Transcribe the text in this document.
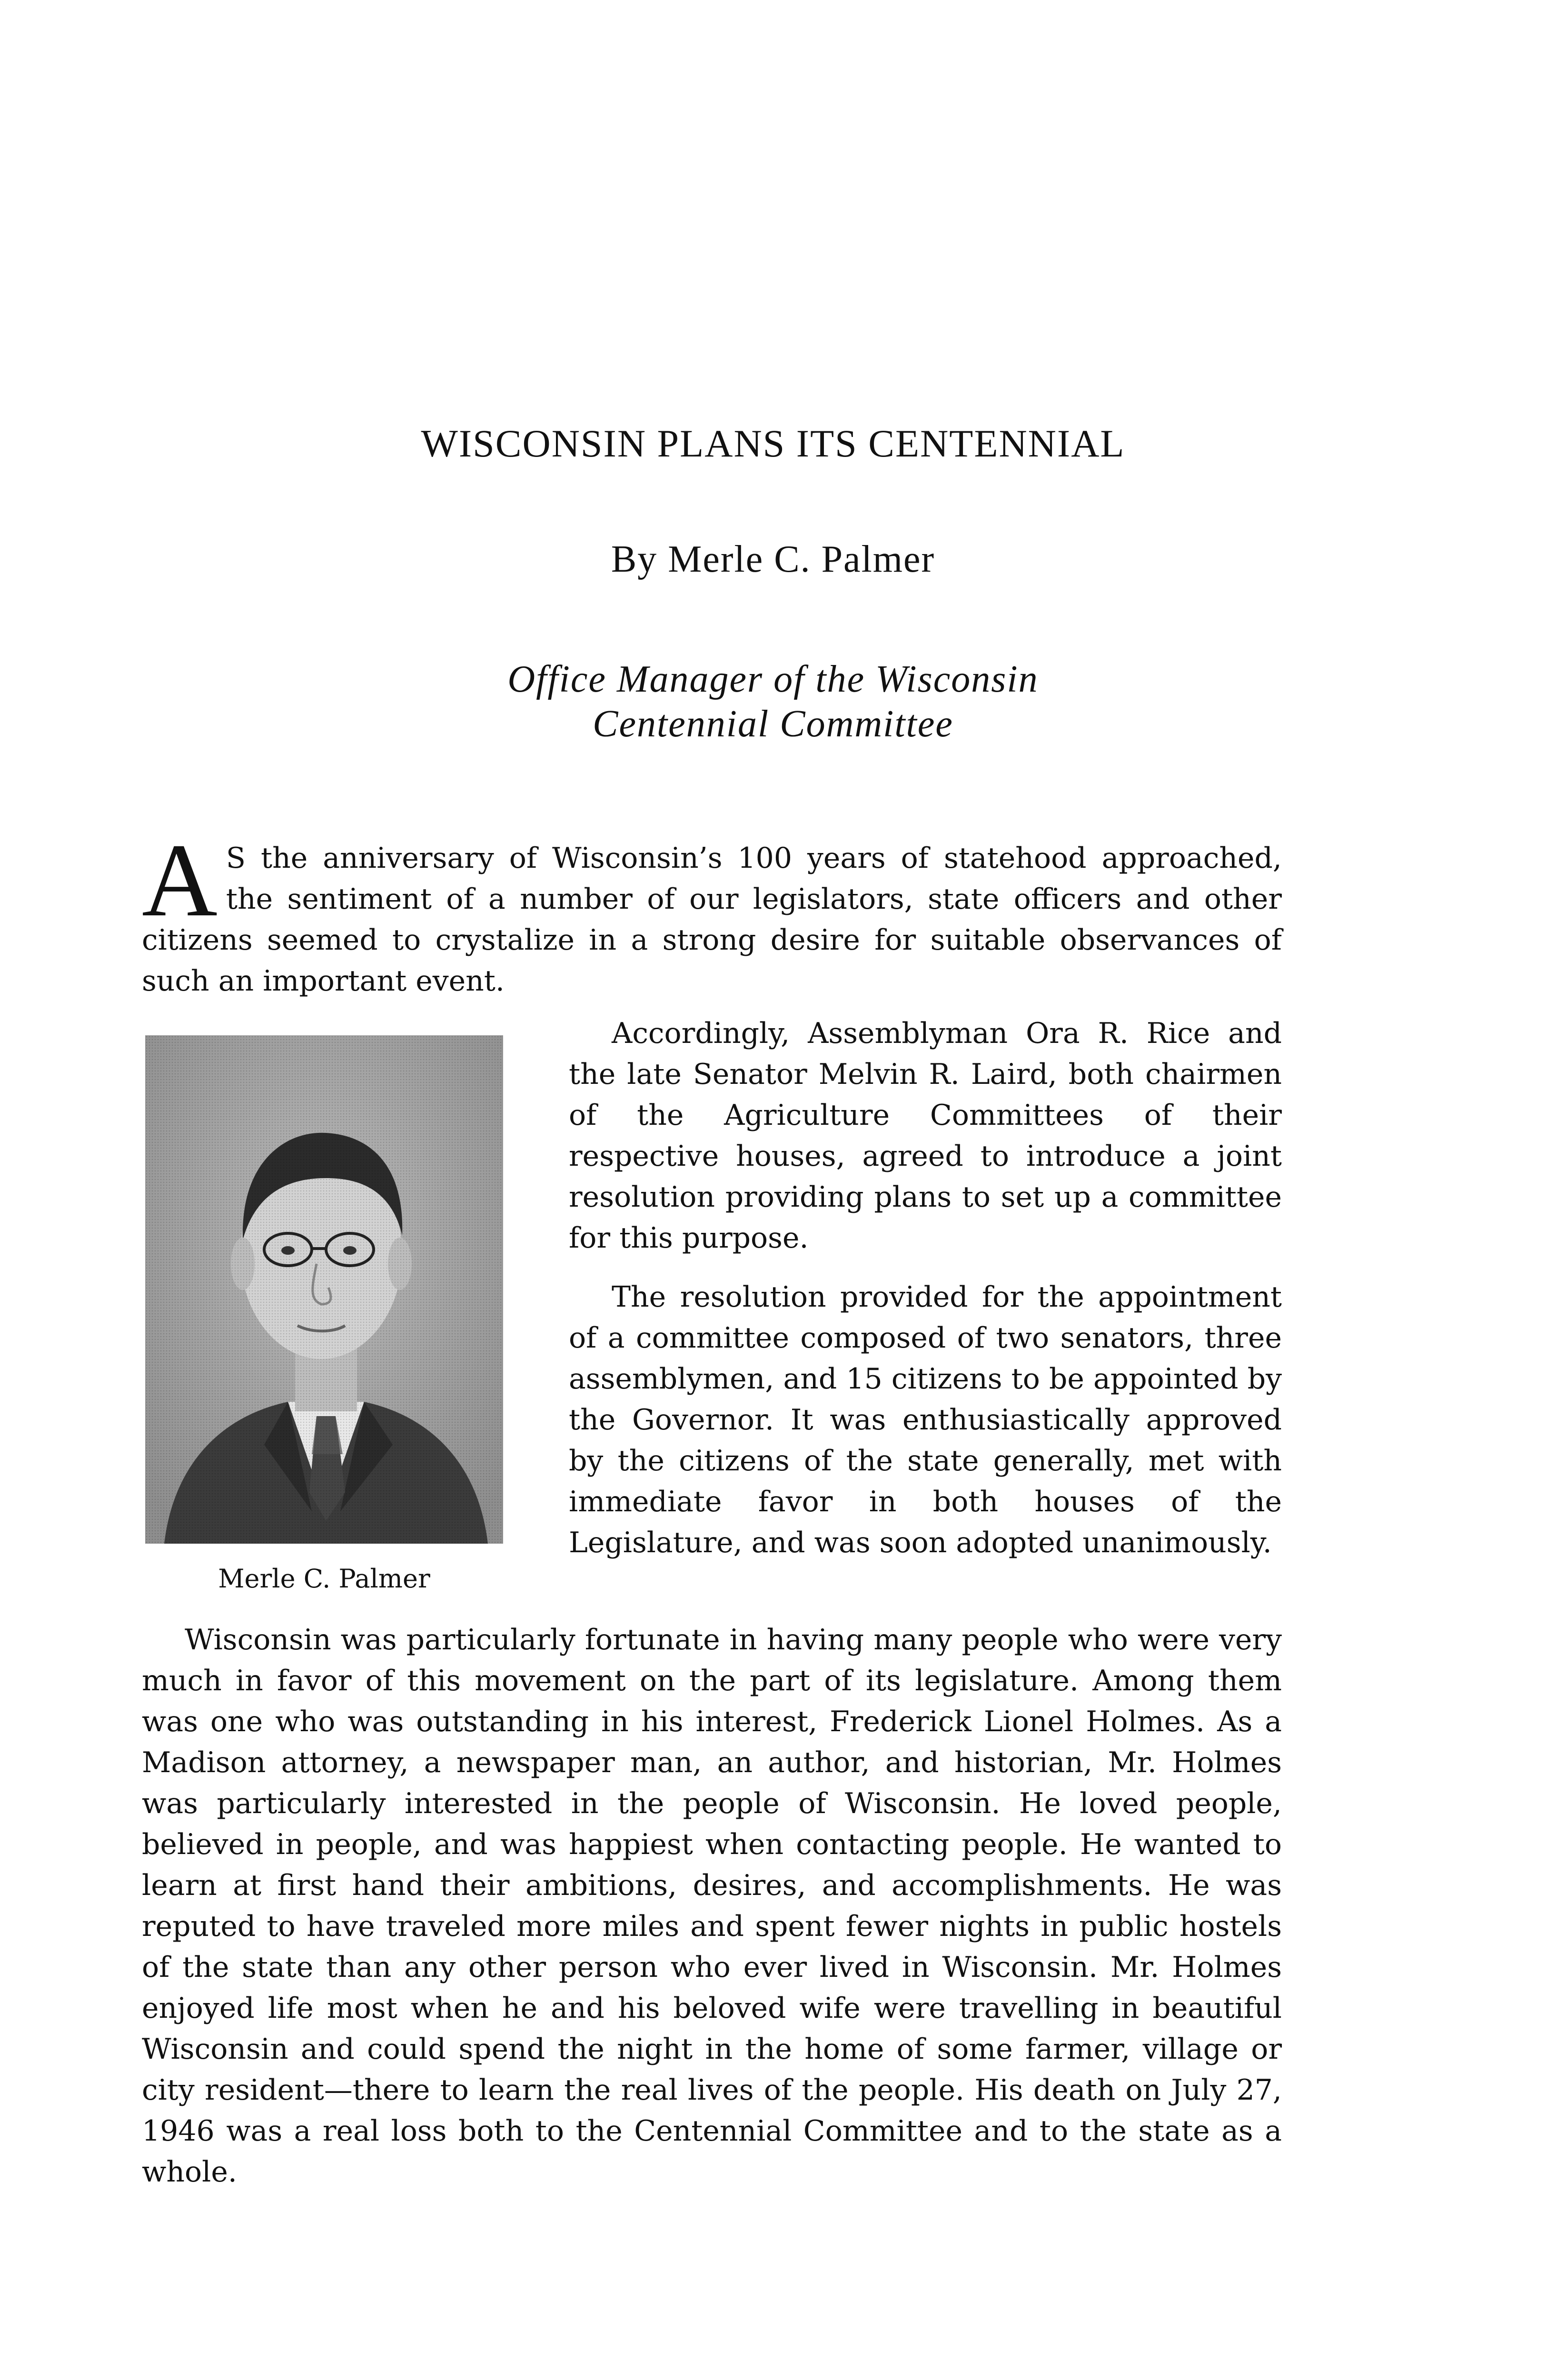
WISCONSIN PLANS ITS CENTENNIAL
By Merle C. Palmer
Office Manager of the Wisconsin
Centennial Committee

A S the anniversary of Wisconsin’s 100 years of statehood approached, the sentiment of a number of our legislators, state officers and other citizens seemed to crystalize in a strong desire for suitable observances of such an important event.

Merle C. Palmer

Accordingly, Assemblyman Ora R. Rice and the late Senator Melvin R. Laird, both chairmen of the Agriculture Committees of their respective houses, agreed to introduce a joint resolution providing plans to set up a committee for this purpose.

The resolution provided for the appointment of a committee composed of two senators, three assemblymen, and 15 citizens to be appointed by the Governor. It was enthusiastically approved by the citizens of the state generally, met with immediate favor in both houses of the Legislature, and was soon adopted unanimously.

Wisconsin was particularly fortunate in having many people who were very much in favor of this movement on the part of its legislature. Among them was one who was outstanding in his interest, Frederick Lionel Holmes. As a Madison attorney, a newspaper man, an author, and historian, Mr. Holmes was particularly interested in the people of Wisconsin. He loved people, believed in people, and was happiest when contacting people. He wanted to learn at first hand their ambitions, desires, and accomplishments. He was reputed to have traveled more miles and spent fewer nights in public hostels of the state than any other person who ever lived in Wisconsin. Mr. Holmes enjoyed life most when he and his beloved wife were travelling in beautiful Wisconsin and could spend the night in the home of some farmer, village or city resident—there to learn the real lives of the people. His death on July 27, 1946 was a real loss both to the Centennial Committee and to the state as a whole.
